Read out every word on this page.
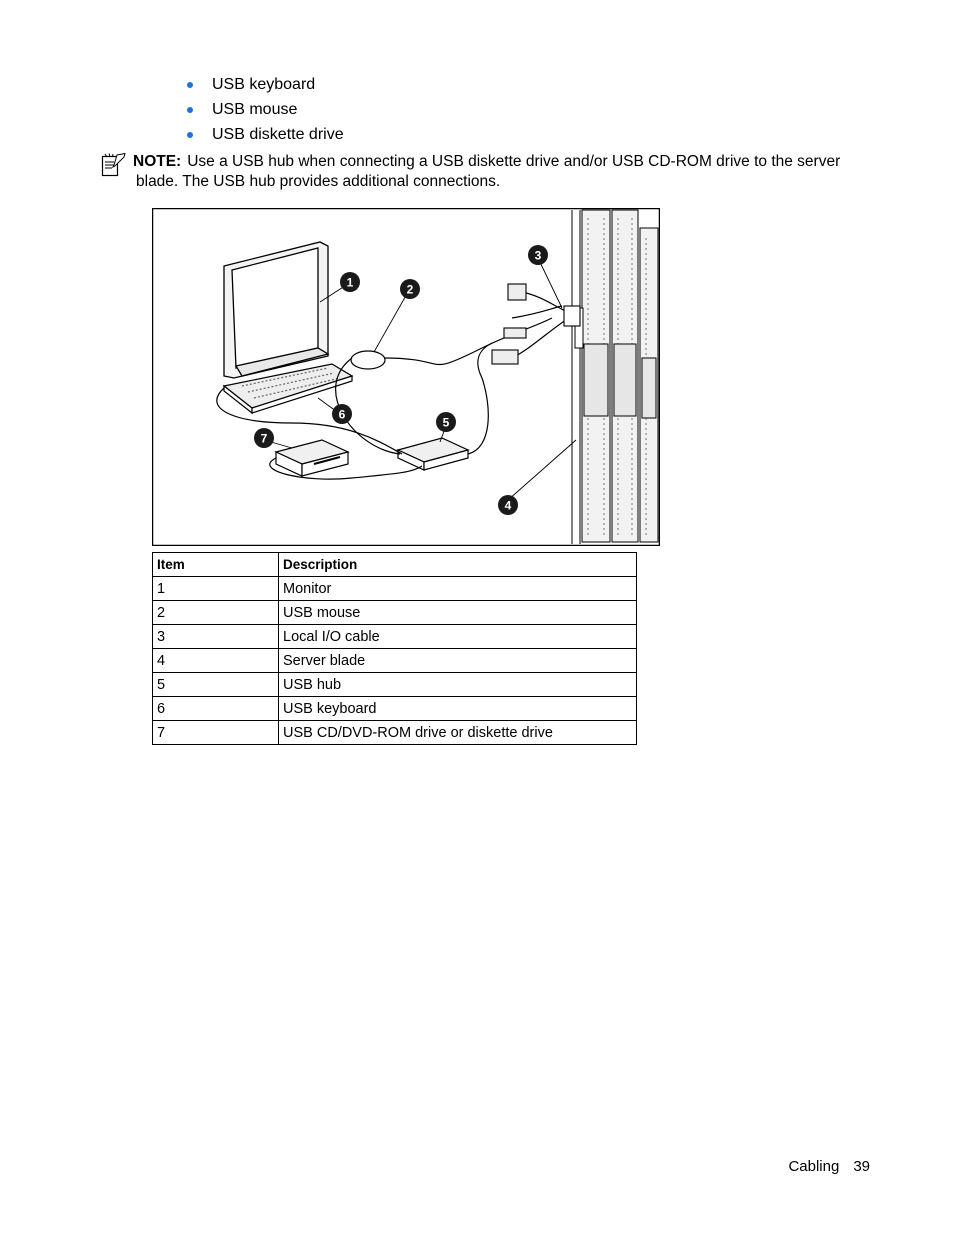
USB keyboard
USB mouse
USB diskette drive
NOTE: Use a USB hub when connecting a USB diskette drive and/or USB CD-ROM drive to the server
blade. The USB hub provides additional connections.
1	2
3
4
5
6
7
Item	Description
1	Monitor
2	USB mouse
3	Local I/O cable
4	Server blade
5	USB hub
6	USB keyboard
7	USB CD/DVD-ROM drive or diskette drive
Cabling 39
